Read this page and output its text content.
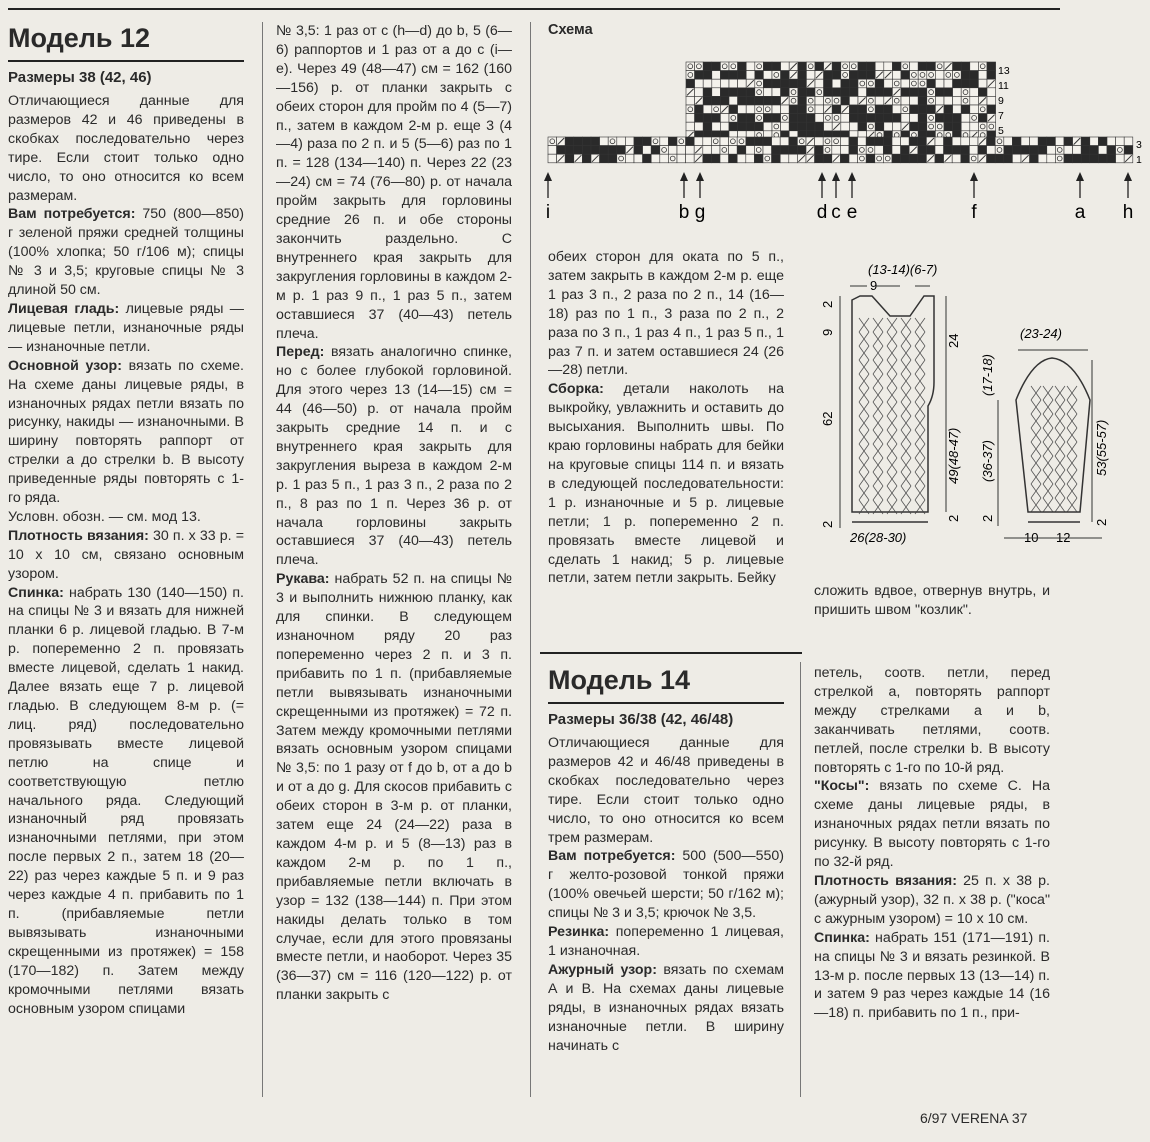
Модель 12
Размеры 38 (42, 46)

Отличающиеся данные для размеров 42 и 46 приведены в скобках последовательно через тире. Если стоит только одно число, то оно относится ко всем размерам.

Вам потребуется: 750 (800—850) г зеленой пряжи средней толщины (100% хлопка; 50 г/106 м); спицы № 3 и 3,5; круговые спицы № 3 длиной 50 см.

Лицевая гладь: лицевые ряды — лицевые петли, изнаночные ряды — изнаночные петли.

Основной узор: вязать по схеме. На схеме даны лицевые ряды, в изнаночных рядах петли вязать по рисунку, накиды — изнаночными. В ширину повторять раппорт от стрелки а до стрелки b. В высоту приведенные ряды повторять с 1-го ряда.

Условн. обозн. — см. мод 13.

Плотность вязания: 30 п. х 33 р. = 10 х 10 см, связано основным узором.

Спинка: набрать 130 (140—150) п. на спицы № 3 и вязать для нижней планки 6 р. лицевой гладью. В 7-м р. попеременно 2 п. провязать вместе лицевой, сделать 1 накид. Далее вязать еще 7 р. лицевой гладью. В следующем 8-м р. (= лиц. ряд) последовательно провязывать вместе лицевой петлю на спице и соответствующую петлю начального ряда. Следующий изнаночный ряд провязать изнаночными петлями, при этом после первых 2 п., затем 18 (20—22) раз через каждые 5 п. и 9 раз через каждые 4 п. прибавить по 1 п. (прибавляемые петли вывязывать изнаночными скрещенными из протяжек) = 158 (170—182) п. Затем между кромочными петлями вязать основным узором спицами

№ 3,5: 1 раз от с (h—d) до b, 5 (6—6) раппортов и 1 раз от а до с (i—e). Через 49 (48—47) см = 162 (160—156) р. от планки закрыть с обеих сторон для пройм по 4 (5—7) п., затем в каждом 2-м р. еще 3 (4—4) раза по 2 п. и 5 (5—6) раз по 1 п. = 128 (134—140) п. Через 22 (23—24) см = 74 (76—80) р. от начала пройм закрыть для горловины средние 26 п. и обе стороны закончить раздельно. С внутреннего края закрыть для закругления горловины в каждом 2-м р. 1 раз 9 п., 1 раз 5 п., затем оставшиеся 37 (40—43) петель плеча.

Перед: вязать аналогично спинке, но с более глубокой горловиной. Для этого через 13 (14—15) см = 44 (46—50) р. от начала пройм закрыть средние 14 п. и с внутреннего края закрыть для закругления выреза в каждом 2-м р. 1 раз 5 п., 1 раз 3 п., 2 раза по 2 п., 8 раз по 1 п. Через 36 р. от начала горловины закрыть оставшиеся 37 (40—43) петель плеча.

Рукава: набрать 52 п. на спицы № 3 и выполнить нижнюю планку, как для спинки. В следующем изнаночном ряду 20 раз попеременно через 2 п. и 3 п. прибавить по 1 п. (прибавляемые петли вывязывать изнаночными скрещенными из протяжек) = 72 п. Затем между кромочными петлями вязать основным узором спицами № 3,5: по 1 разу от f до b, от а до b и от а до g. Для скосов прибавить с обеих сторон в 3-м р. от планки, затем еще 24 (24—22) раза в каждом 4-м р. и 5 (8—13) раз в каждом 2-м р. по 1 п., прибавляемые петли включать в узор = 132 (138—144) п. При этом накиды делать только в том случае, если для этого провязаны вместе петли, и наоборот. Через 35 (36—37) см = 116 (120—122) р. от планки закрыть с

Схема
13
11
9
7
5
3
1
i	b g	d c e	f	a h

обеих сторон для оката по 5 п., затем закрыть в каждом 2-м р. еще 1 раз 3 п., 2 раза по 2 п., 14 (16—18) раз по 1 п., 3 раза по 2 п., 2 раза по 3 п., 1 раз 4 п., 1 раз 5 п., 1 раз 7 п. и затем оставшиеся 24 (26—28) петли.

Сборка: детали наколоть на выкройку, увлажнить и оставить до высыхания. Выполнить швы. По краю горловины набрать для бейки на круговые спицы 114 п. и вязать в следующей последовательности: 1 р. изнаночные и 5 р. лицевые петли; 1 р. попеременно 2 п. провязать вместе лицевой и сделать 1 накид; 5 р. лицевые петли, затем петли закрыть. Бейку

(13-14)(6-7)
9
2
9
24
62
49(48-47)
2
2
26(28-30)
(23-24)
(17-18)
(36-37)	53(55-57)
2
2
10 12

сложить вдвое, отвернув внутрь, и пришить швом "козлик".

Модель 14
Размеры 36/38 (42, 46/48)

Отличающиеся данные для размеров 42 и 46/48 приведены в скобках последовательно через тире. Если стоит только одно число, то оно относится ко всем трем размерам.

Вам потребуется: 500 (500—550) г желто-розовой тонкой пряжи (100% овечьей шерсти; 50 г/162 м); спицы № 3 и 3,5; крючок № 3,5.

Резинка: попеременно 1 лицевая, 1 изнаночная.

Ажурный узор: вязать по схемам А и В. На схемах даны лицевые ряды, в изнаночных рядах вязать изнаночные петли. В ширину начинать с

петель, соотв. петли, перед стрелкой а, повторять раппорт между стрелками а и b, заканчивать петлями, соотв. петлей, после стрелки b. В высоту повторять с 1-го по 10-й ряд.

"Косы": вязать по схеме С. На схеме даны лицевые ряды, в изнаночных рядах петли вязать по рисунку. В высоту повторять с 1-го по 32-й ряд.

Плотность вязания: 25 п. х 38 р. (ажурный узор), 32 п. х 38 р. ("коса" с ажурным узором) = 10 х 10 см.

Спинка: набрать 151 (171—191) п. на спицы № 3 и вязать резинкой. В 13-м р. после первых 13 (13—14) п. и затем 9 раз через каждые 14 (16—18) п. прибавить по 1 п., при-

6/97 VERENA 37
